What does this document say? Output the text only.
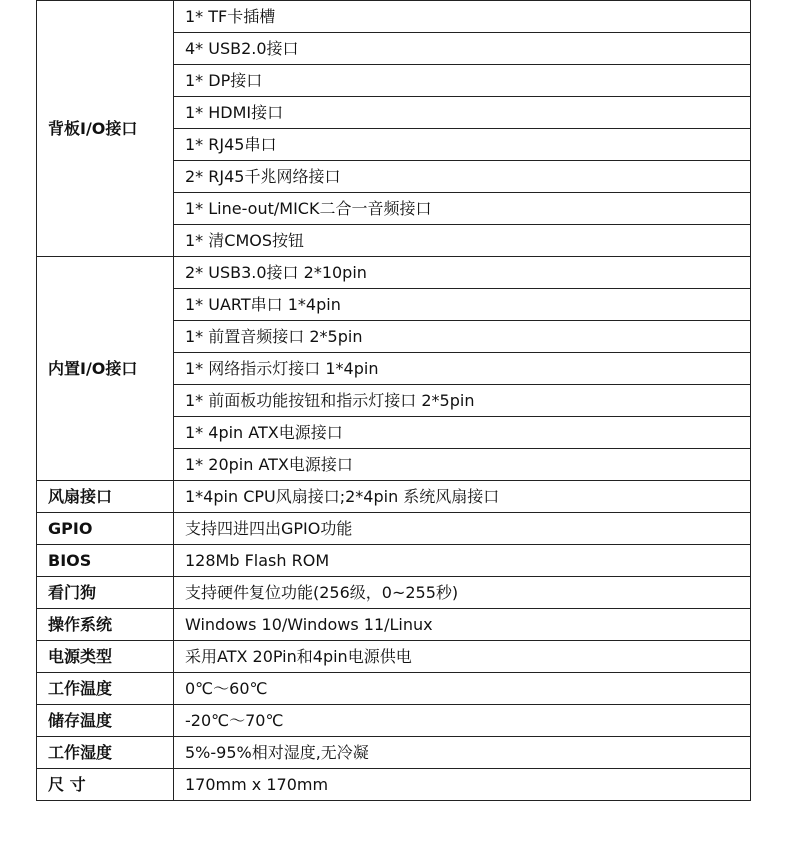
背板I/O接口	1* TF卡插槽
	4* USB2.0接口
	1* DP接口
	1* HDMI接口
	1* RJ45串口
	2* RJ45千兆网络接口
	1* Line-out/MICK二合一音频接口
	1* 清CMOS按钮
内置I/O接口	2* USB3.0接口 2*10pin
	1* UART串口 1*4pin
	1* 前置音频接口 2*5pin
	1* 网络指示灯接口 1*4pin
	1* 前面板功能按钮和指示灯接口 2*5pin
	1* 4pin ATX电源接口
	1* 20pin ATX电源接口
风扇接口	1*4pin CPU风扇接口;2*4pin 系统风扇接口
GPIO	支持四进四出GPIO功能
BIOS	128Mb Flash ROM
看门狗	支持硬件复位功能(256级，0~255秒)
操作系统	Windows 10/Windows 11/Linux
电源类型	采用ATX 20Pin和4pin电源供电
工作温度	0℃～60℃
储存温度	-20℃～70℃
工作湿度	5%-95%相对湿度,无冷凝
尺 寸	170mm x 170mm
